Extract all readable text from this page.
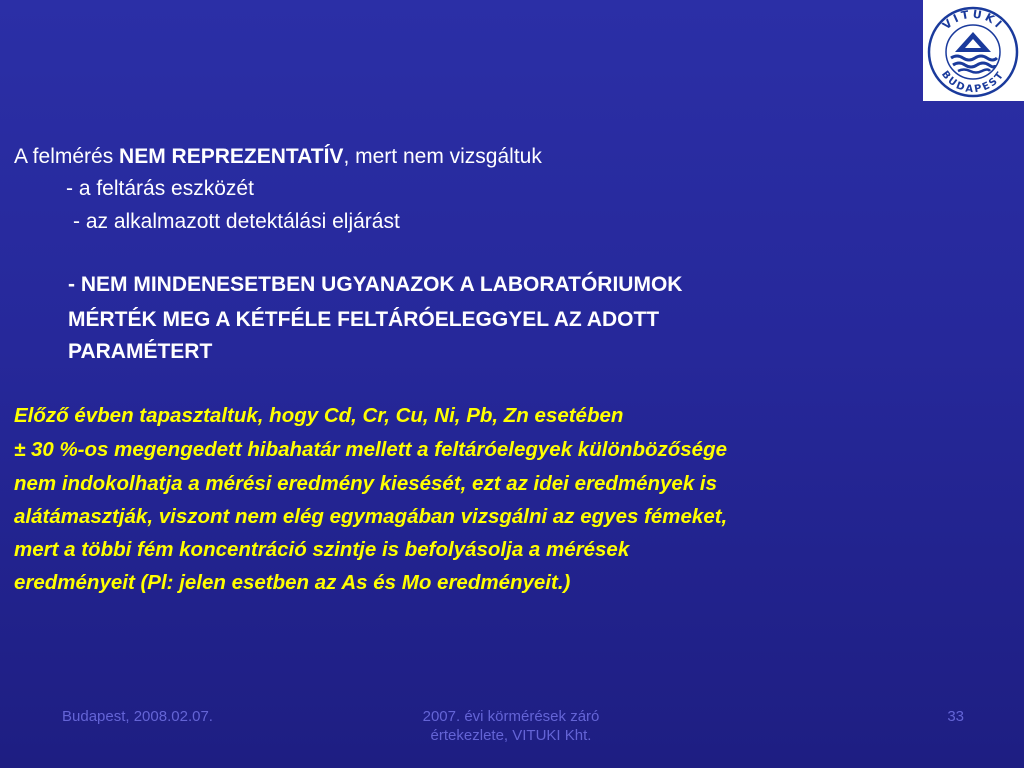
VITUKI
BUDAPEST
A felmérés NEM REPREZENTATÍV, mert nem vizsgáltuk
- a feltárás eszközét
- az alkalmazott detektálási eljárást
- NEM MINDENESETBEN UGYANAZOK A LABORATÓRIUMOK
MÉRTÉK MEG A KÉTFÉLE FELTÁRÓELEGGYEL AZ ADOTT
PARAMÉTERT
Előző évben tapasztaltuk, hogy Cd, Cr, Cu, Ni, Pb, Zn esetében
± 30 %-os megengedett hibahatár mellett a feltáróelegyek különbözősége
nem indokolhatja a mérési eredmény kiesését, ezt az idei eredmények is
alátámasztják, viszont nem elég egymagában vizsgálni az egyes fémeket,
mert a többi fém koncentráció szintje is befolyásolja a mérések
eredményeit (Pl: jelen esetben az As és Mo eredményeit.)
Budapest, 2008.02.07.	2007. évi körmérések záró
értekezlete, VITUKI Kht.
33
